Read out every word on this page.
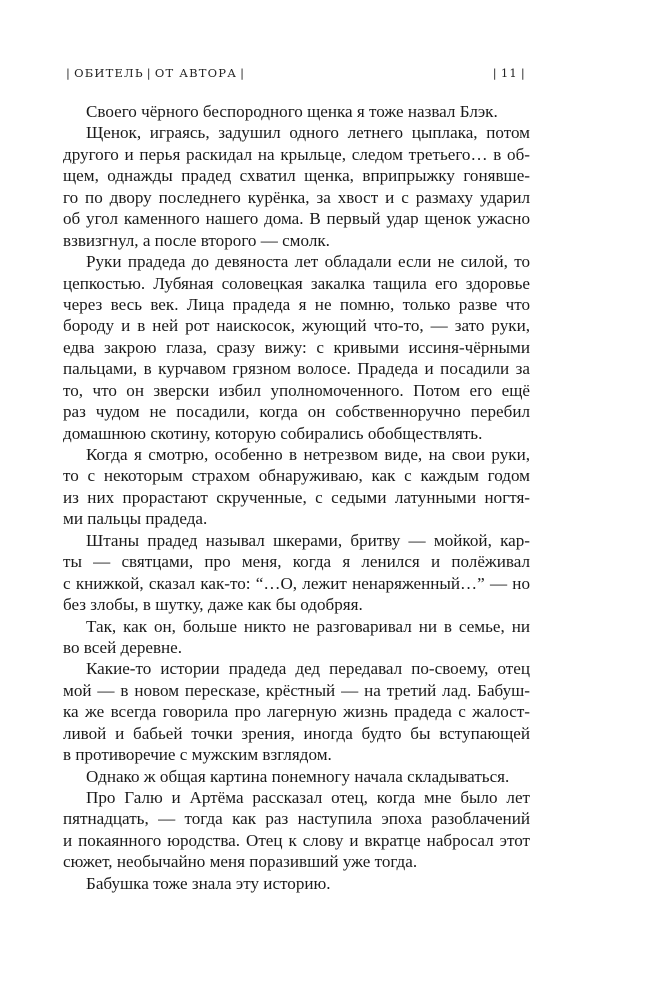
| ОБИТЕЛЬ | ОТ АВТОРА |	| 11 |
Своего чёрного беспородного щенка я тоже назвал Блэк.
Щенок, играясь, задушил одного летнего цыплака, потом
другого и перья раскидал на крыльце, следом третьего… в об-
щем, однажды прадед схватил щенка, вприпрыжку гонявше-
го по двору последнего курёнка, за хвост и с размаху ударил
об угол каменного нашего дома. В первый удар щенок ужасно
взвизгнул, а после второго — смолк.
Руки прадеда до девяноста лет обладали если не силой, то
цепкостью. Лубяная соловецкая закалка тащила его здоровье
через весь век. Лица прадеда я не помню, только разве что
бороду и в ней рот наискосок, жующий что-то, — зато руки,
едва закрою глаза, сразу вижу: с кривыми иссиня-чёрными
пальцами, в курчавом грязном волосе. Прадеда и посадили за
то, что он зверски избил уполномоченного. Потом его ещё
раз чудом не посадили, когда он собственноручно перебил
домашнюю скотину, которую собирались обобществлять.
Когда я смотрю, особенно в нетрезвом виде, на свои руки,
то с некоторым страхом обнаруживаю, как с каждым годом
из них прорастают скрученные, с седыми латунными ногтя-
ми пальцы прадеда.
Штаны прадед называл шкерами, бритву — мойкой, кар-
ты — святцами, про меня, когда я ленился и полёживал
с книжкой, сказал как-то: “…О, лежит ненаряженный…” — но
без злобы, в шутку, даже как бы одобряя.
Так, как он, больше никто не разговаривал ни в семье, ни
во всей деревне.
Какие-то истории прадеда дед передавал по-своему, отец
мой — в новом пересказе, крёстный — на третий лад. Бабуш-
ка же всегда говорила про лагерную жизнь прадеда с жалост-
ливой и бабьей точки зрения, иногда будто бы вступающей
в противоречие с мужским взглядом.
Однако ж общая картина понемногу начала складываться.
Про Галю и Артёма рассказал отец, когда мне было лет
пятнадцать, — тогда как раз наступила эпоха разоблачений
и покаянного юродства. Отец к слову и вкратце набросал этот
сюжет, необычайно меня поразивший уже тогда.
Бабушка тоже знала эту историю.
